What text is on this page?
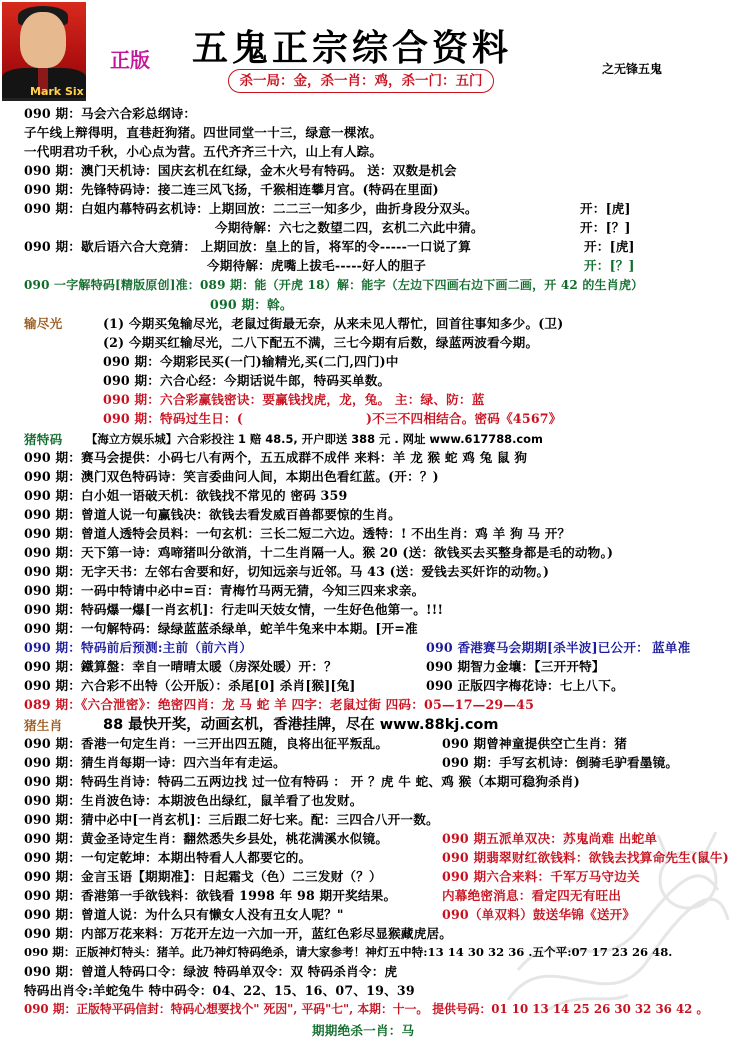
Mark Six
正版 五鬼正宗综合资料
杀一局：金，杀一肖：鸡，杀一门：五门
之无锋五鬼
090 期：马会六合彩总纲诗：
子午线上辩得明，直巷赶狗猪。四世同堂一十三，绿意一棵浓。
一代明君功千秋，小心点为营。五代齐齐三十六，山上有人踪。
090 期：澳门天机诗：国庆玄机在红绿，金木火号有特码。 送：双数是机会
090 期：先锋特码诗：接二连三风飞扬，千猴相连攀月宫。(特码在里面)
090 期：白姐内幕特码玄机诗：上期回放：二二三一知多少，曲折身段分双头。	开：[虎]
今期待解：六七之数望二四，玄机二六此中猜。	开：[？]
090 期：歇后语六合大竞猜： 上期回放：皇上的旨，将军的令-----一口说了算	开：[虎]
今期待解：虎嘴上拔毛-----好人的胆子	开：[？]
090 一字解特码[精版原创]准：089 期：能（开虎 18）解：能字（左边下四画右边下画二画，开 42 的生肖虎）
090 期：斡。
输尽光	(1) 今期买兔输尽光，老鼠过街最无奈，从来未见人帮忙，回首往事知多少。(卫)
(2) 今期买红输尽光，二八下配五不满，三七今期有后数，绿蓝两波看今期。
090 期：今期彩民买(一门)输精光,买(二门,四门)中
090 期：六合心经：今期话说牛郎，特码买单数。
090 期：六合彩赢钱密诀：要赢钱找虎，龙，兔。 主：绿、防：蓝
090 期：特码过生日：(	)不三不四相结合。密码《4567》
猪特码 【海立方娱乐城】六合彩投注 1 赔 48.5, 开户即送 388 元 . 网址 www.617788.com
090 期：赛马会提供：小码七八有两个，五五成群不成伴 来料：羊 龙 猴 蛇 鸡 兔 鼠 狗
090 期：澳门双色特码诗：笑言委曲问人间，本期出色看红蓝。(开：？)
090 期：白小姐一语破天机：欲钱找不常见的 密码 359
090 期：曾道人说一句赢钱决：欲钱去看发威百兽都要惊的生肖。
090 期：曾道人透特会员料：一句玄机：三长二短二六边。透特：! 不出生肖：鸡 羊 狗 马 开？
090 期：天下第一诗：鸡啼猪叫分欲消，十二生肖隔一人。猴 20 (送：欲钱买去买整身都是毛的动物。)
090 期：无字天书：左邻右舍要和好，切知远亲与近邻。马 43 (送：爱钱去买奸诈的动物。)
090 期：一码中特请中必中=百：青梅竹马两无猜，今知三四来求亲。
090 期：特码爆一爆[一肖玄机]：行走叫天妓女情，一生好色他第一。!!!
090 期：一句解特码：绿绿蓝蓝杀绿单，蛇羊牛兔来中本期。[开=准
090 期：特码前后预测:主前（前六肖）	090 香港赛马会期期[杀半波]已公开： 蓝单准
090 期：鐵算盤：幸自一晴晴太暖（房深处暖）开：？	090 期智力金壤：【三开开特】
090 期：六合彩不出特（公开版）：杀尾[0] 杀肖[猴][兔]	090 正版四字梅花诗：七上八下。
089 期：《六合泄密》：绝密四肖：龙 马 蛇 羊 四字：老鼠过街 四码：05—17—29—45
猪生肖	88 最快开奖，动画玄机，香港挂牌，尽在 www.88kj.com
090 期：香港一句定生肖：一三开出四五随，良将出征平叛乱。	090 期曾神童提供空亡生肖：猪
090 期：猜生肖每期一诗：四六当年有走运。	090 期：手写玄机诗：倒骑毛驴看墨镜。
090 期：特码生肖诗：特码二五两边找 过一位有特码 ： 开 ？虎 牛 蛇、鸡 猴（本期可稳狗杀肖)
090 期：生肖波色诗：本期波色出绿红，鼠羊看了也发财。
090 期：猜中必中[一肖玄机]：三后跟二好七来。配：三四合八开一数。
090 期：黄金圣诗定生肖：翻然悉失乡县处，桃花满溪水似镜。	090 期五派单双决：苏鬼尚难 出蛇单
090 期：一句定乾坤：本期出特看人人都要它的。	090 期翡翠财红欲钱料：欲钱去找算命先生(鼠牛)
090 期：金言玉语【期期准】：日起霜戈（色）二三发财（？）	090 期六合来料：千军万马守边关
090 期：香港第一手欲钱料：欲钱看 1998 年 98 期开奖结果。	内幕绝密消息：看定四无有旺出
090 期：曾道人说：为什么只有懒女人没有丑女人呢？"	090（单双料）鼓送华锦《送开》
090 期：内部万花来料：万花开左边一六加一开，蓝红色彩尽显猴藏虎居。
090 期：正版神灯特头：猪羊。此乃神灯特码绝杀，请大家参考！神灯五中特:13 14 30 32 36 .五个平:07 17 23 26 48.
090 期：曾道人特码口令：绿波 特码单双令：双 特码杀肖令：虎
特码出肖令:羊蛇兔牛 特中码令：04、22、15、16、07、19、39
090 期：正版特平码信封：特码心想要找个" 死因", 平码"七", 本期：十一。 提供号码：01 10 13 14 25 26 30 32 36 42 。
期期绝杀一肖：马
